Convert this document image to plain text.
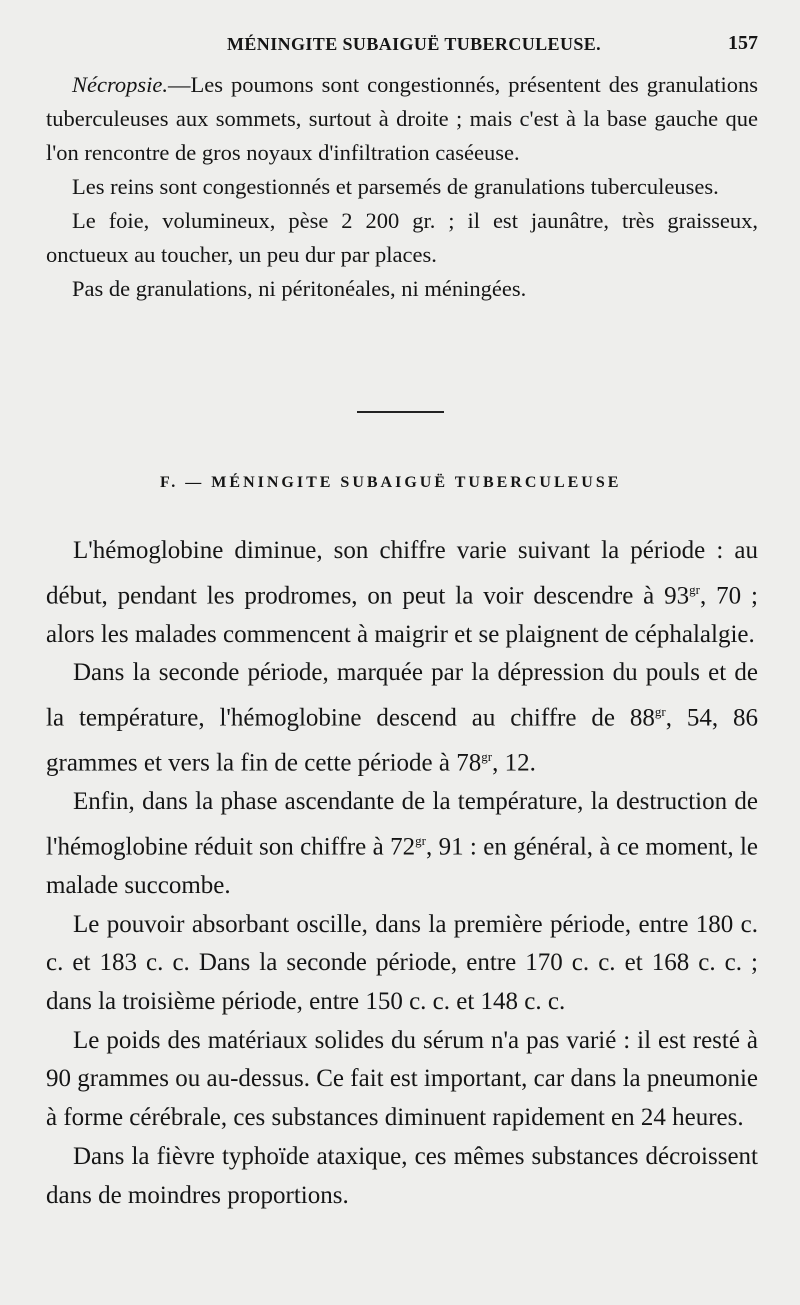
MÉNINGITE SUBAIGUË TUBERCULEUSE.	157

Nécropsie.—Les poumons sont congestionnés, présentent des granulations tuberculeuses aux sommets, surtout à droite ; mais c'est à la base gauche que l'on rencontre de gros noyaux d'infiltration caséeuse.

Les reins sont congestionnés et parsemés de granulations tuberculeuses.

Le foie, volumineux, pèse 2 200 gr. ; il est jaunâtre, très graisseux, onctueux au toucher, un peu dur par places.

Pas de granulations, ni péritonéales, ni méningées.

F. — MÉNINGITE SUBAIGUË TUBERCULEUSE

L'hémoglobine diminue, son chiffre varie suivant la période : au début, pendant les prodromes, on peut la voir descendre à $93^{gr}$, 70 ; alors les malades commencent à maigrir et se plaignent de céphalalgie.

Dans la seconde période, marquée par la dépression du pouls et de la température, l'hémoglobine descend au chiffre de $88^{gr}$, 54, 86 grammes et vers la fin de cette période à $78^{gr}$, 12.

Enfin, dans la phase ascendante de la température, la destruction de l'hémoglobine réduit son chiffre à $72^{gr}$, 91 : en général, à ce moment, le malade succombe.

Le pouvoir absorbant oscille, dans la première période, entre 180 c. c. et 183 c. c. Dans la seconde période, entre 170 c. c. et 168 c. c. ; dans la troisième période, entre 150 c. c. et 148 c. c.

Le poids des matériaux solides du sérum n'a pas varié : il est resté à 90 grammes ou au-dessus. Ce fait est important, car dans la pneumonie à forme cérébrale, ces substances diminuent rapidement en 24 heures.

Dans la fièvre typhoïde ataxique, ces mêmes substances décroissent dans de moindres proportions.
